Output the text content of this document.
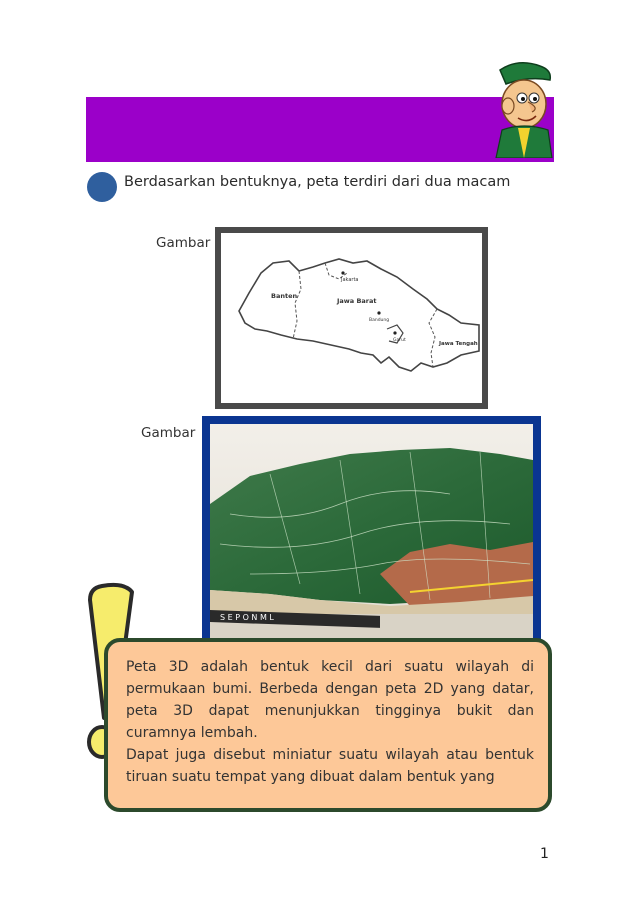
Berdasarkan bentuknya, peta terdiri dari dua macam
Gambar
Jakarta
Banten
Jawa Barat
Bandung
Garut
Jawa Tengah
Gambar
S E P O N M L

Peta 3D adalah bentuk kecil dari suatu wilayah di permukaan bumi. Berbeda dengan peta 2D yang datar, peta 3D dapat menunjukkan tingginya bukit dan curamnya lembah.

Dapat juga disebut miniatur suatu wilayah atau bentuk tiruan suatu tempat yang dibuat dalam bentuk yang

1
